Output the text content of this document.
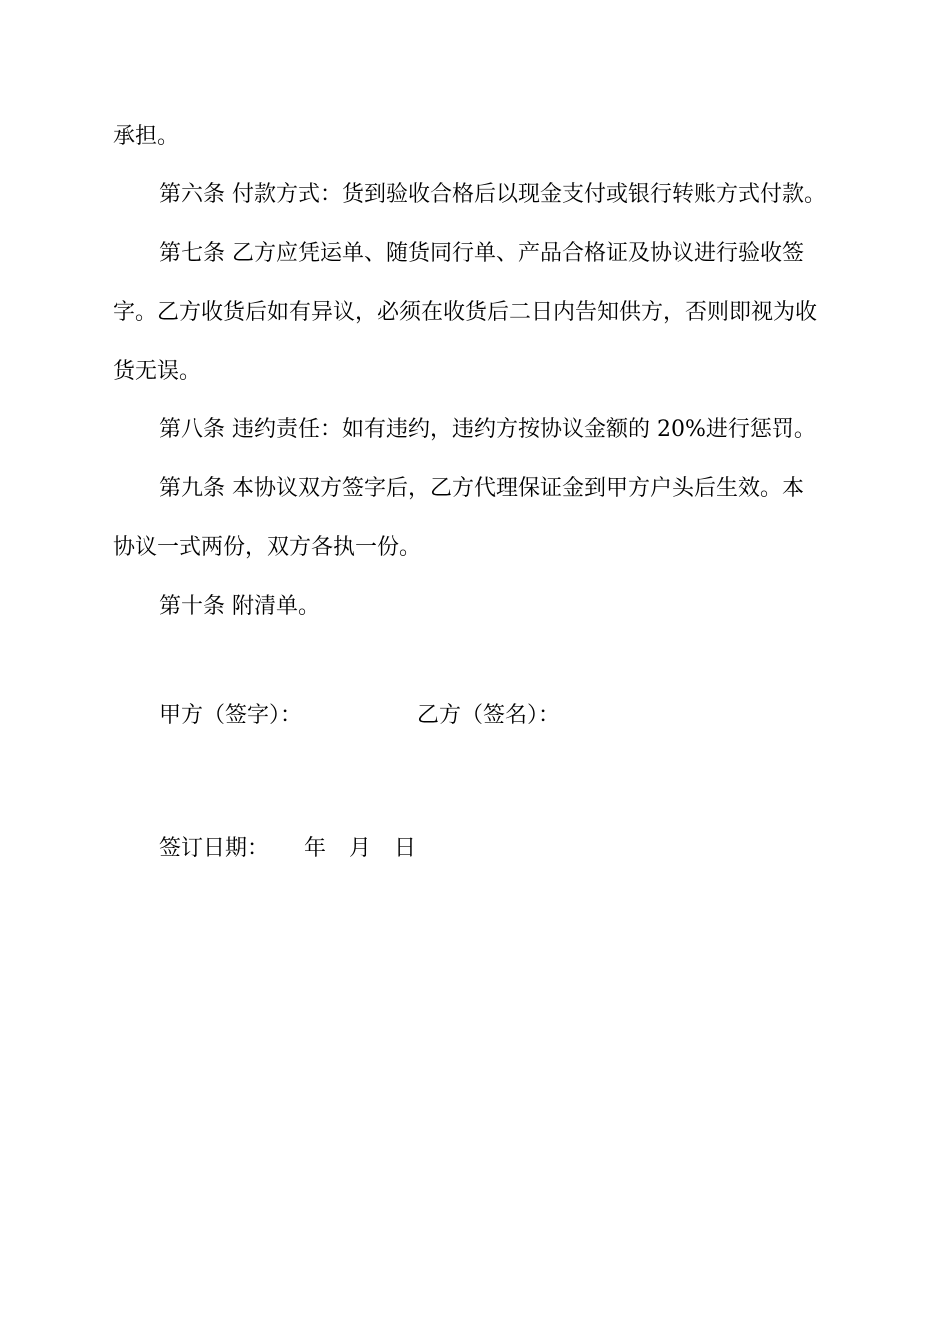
承担。

第六条 付款方式：货到验收合格后以现金支付或银行转账方式付款。

第七条 乙方应凭运单、随货同行单、产品合格证及协议进行验收签

字。乙方收货后如有异议，必须在收货后二日内告知供方，否则即视为收

货无误。

第八条 违约责任：如有违约，违约方按协议金额的 20%进行惩罚。

第九条 本协议双方签字后，乙方代理保证金到甲方户头后生效。本

协议一式两份，双方各执一份。

第十条 附清单。

甲方（签字）：	乙方（签名）：

签订日期： 年 月 日
